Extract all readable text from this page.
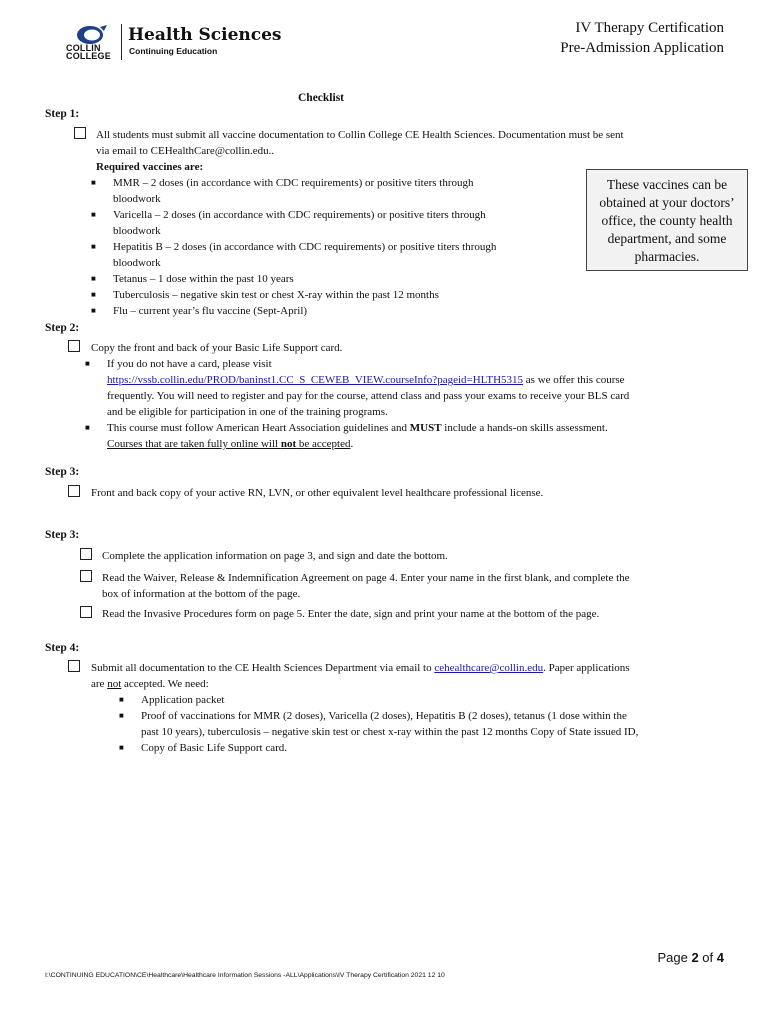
COLLIN
COLLEGE
Health Sciences
Continuing Education
IV Therapy Certification
Pre-Admission Application
Checklist
Step 1:
All students must submit all vaccine documentation to Collin College CE Health Sciences. Documentation must be sent
via email to CEHealthCare@collin.edu..
Required vaccines are:
■ MMR – 2 doses (in accordance with CDC requirements) or positive titers through
bloodwork
■ Varicella – 2 doses (in accordance with CDC requirements) or positive titers through
bloodwork
■ Hepatitis B – 2 doses (in accordance with CDC requirements) or positive titers through
bloodwork
■ Tetanus – 1 dose within the past 10 years
■ Tuberculosis – negative skin test or chest X-ray within the past 12 months
■ Flu – current year’s flu vaccine (Sept-April)
These vaccines can be obtained at your doctors’ office, the county health department, and some pharmacies.
Step 2:
Copy the front and back of your Basic Life Support card.
■ If you do not have a card, please visit
https://vssb.collin.edu/PROD/baninst1.CC_S_CEWEB_VIEW.courseInfo?pageid=HLTH5315 as we offer this course
frequently. You will need to register and pay for the course, attend class and pass your exams to receive your BLS card
and be eligible for participation in one of the training programs.
■ This course must follow American Heart Association guidelines and MUST include a hands-on skills assessment.
Courses that are taken fully online will not be accepted.
Step 3:
Front and back copy of your active RN, LVN, or other equivalent level healthcare professional license.
Step 3:
Complete the application information on page 3, and sign and date the bottom.
Read the Waiver, Release & Indemnification Agreement on page 4. Enter your name in the first blank, and complete the
box of information at the bottom of the page.
Read the Invasive Procedures form on page 5. Enter the date, sign and print your name at the bottom of the page.
Step 4:
Submit all documentation to the CE Health Sciences Department via email to cehealthcare@collin.edu. Paper applications
are not accepted. We need:
■ Application packet
■ Proof of vaccinations for MMR (2 doses), Varicella (2 doses), Hepatitis B (2 doses), tetanus (1 dose within the
past 10 years), tuberculosis – negative skin test or chest x-ray within the past 12 months Copy of State issued ID,
■ Copy of Basic Life Support card.
Page 2 of 4
I:\CONTINUING EDUCATION\CE\Healthcare\Healthcare Information Sessions -ALL\Applications\IV Therapy Certification 2021 12 10
